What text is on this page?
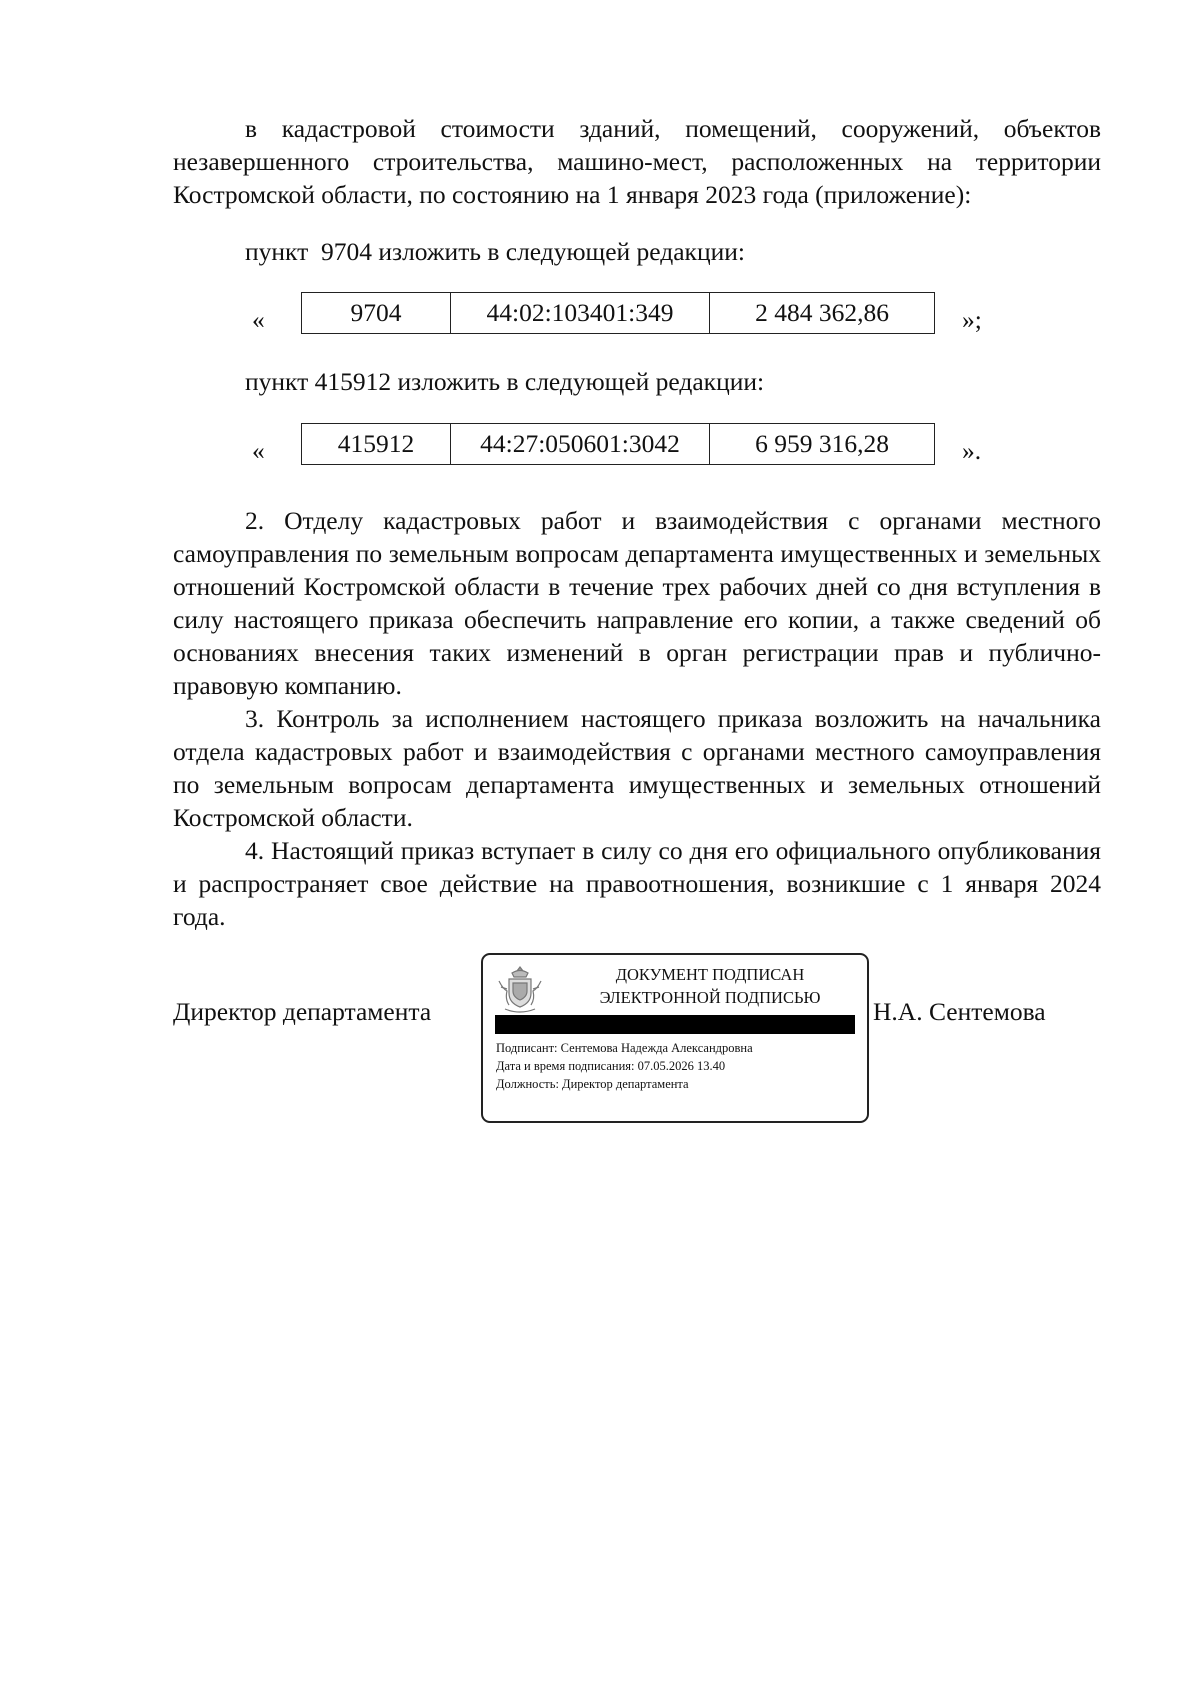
в кадастровой стоимости зданий, помещений, сооружений, объектов незавершенного строительства, машино-мест, расположенных на территории Костромской области, по состоянию на 1 января 2023 года (приложение):

пункт  9704 изложить в следующей редакции:
«	9704	44:02:103401:349	2 484 362,86	»;
пункт 415912 изложить в следующей редакции:
«	415912	44:27:050601:3042	6 959 316,28	».

2. Отделу кадастровых работ и взаимодействия с органами местного самоуправления по земельным вопросам департамента имущественных и земельных отношений Костромской области в течение трех рабочих дней со дня вступления в силу настоящего приказа обеспечить направление его копии, а также сведений об основаниях внесения таких изменений в орган регистрации прав и публично-правовую компанию.

3. Контроль за исполнением настоящего приказа возложить на начальника отдела кадастровых работ и взаимодействия с органами местного самоуправления по земельным вопросам департамента имущественных и земельных отношений Костромской области.

4. Настоящий приказ вступает в силу со дня его официального опубликования и распространяет свое действие на правоотношения, возникшие с 1 января 2024 года.

Директор департамента
ДОКУМЕНТ ПОДПИСАН
ЭЛЕКТРОННОЙ ПОДПИСЬЮ
Подписант: Сентемова Надежда Александровна
Дата и время подписания: 07.05.2026 13.40
Должность: Директор департамента
Н.А. Сентемова
